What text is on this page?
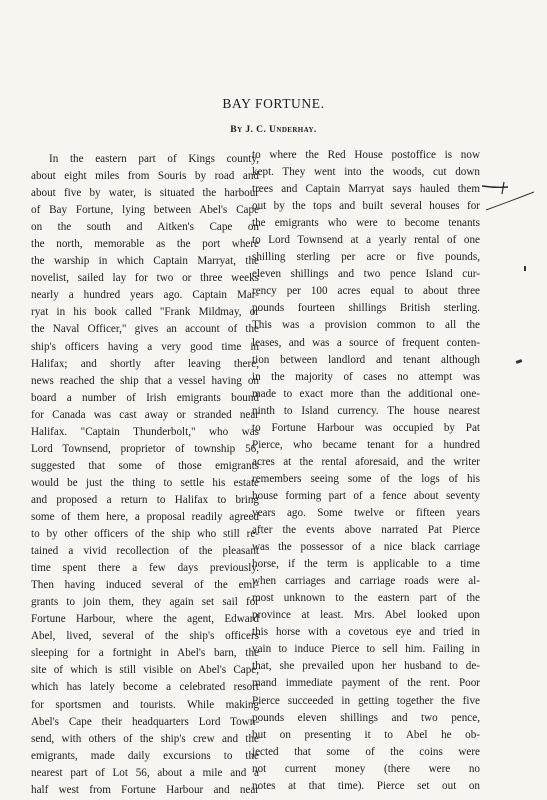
BAY FORTUNE.
By J. C. Underhay.
In the eastern part of Kings county,
about eight miles from Souris by road and
about five by water, is situated the harbour
of Bay Fortune, lying between Abel's Cape
on the south and Aitken's Cape on
the north, memorable as the port where
the warship in which Captain Marryat, the
novelist, sailed lay for two or three weeks
nearly a hundred years ago. Captain Mar-
ryat in his book called "Frank Mildmay, or
the Naval Officer," gives an account of the
ship's officers having a very good time in
Halifax; and shortly after leaving there,
news reached the ship that a vessel having on
board a number of Irish emigrants bound
for Canada was cast away or stranded near
Halifax. "Captain Thunderbolt," who was
Lord Townsend, proprietor of township 56,
suggested that some of those emigrants
would be just the thing to settle his estate
and proposed a return to Halifax to bring
some of them here, a proposal readily agreed
to by other officers of the ship who still re-
tained a vivid recollection of the pleasant
time spent there a few days previously.
Then having induced several of the emi-
grants to join them, they again set sail for
Fortune Harbour, where the agent, Edward
Abel, lived, several of the ship's officers
sleeping for a fortnight in Abel's barn, the
site of which is still visible on Abel's Cape,
which has lately become a celebrated resort
for sportsmen and tourists. While making
Abel's Cape their headquarters Lord Town-
send, with others of the ship's crew and the
emigrants, made daily excursions to the
nearest part of Lot 56, about a mile and a
half west from Fortune Harbour and near
to where the Red House postoffice is now
kept. They went into the woods, cut down
trees and Captain Marryat says hauled them
out by the tops and built several houses for
the emigrants who were to become tenants
to Lord Townsend at a yearly rental of one
shilling sterling per acre or five pounds,
eleven shillings and two pence Island cur-
rency per 100 acres equal to about three
pounds fourteen shillings British sterling.
This was a provision common to all the
leases, and was a source of frequent conten-
tion between landlord and tenant although
in the majority of cases no attempt was
made to exact more than the additional one-
ninth to Island currency. The house nearest
to Fortune Harbour was occupied by Pat
Pierce, who became tenant for a hundred
acres at the rental aforesaid, and the writer
remembers seeing some of the logs of his
house forming part of a fence about seventy
years ago. Some twelve or fifteen years
after the events above narrated Pat Pierce
was the possessor of a nice black carriage
horse, if the term is applicable to a time
when carriages and carriage roads were al-
most unknown to the eastern part of the
province at least. Mrs. Abel looked upon
this horse with a covetous eye and tried in
vain to induce Pierce to sell him. Failing in
that, she prevailed upon her husband to de-
mand immediate payment of the rent. Poor
Pierce succeeded in getting together the five
pounds eleven shillings and two pence,
but on presenting it to Abel he ob-
jected that some of the coins were
not current money (there were no
notes at that time). Pierce set out on
